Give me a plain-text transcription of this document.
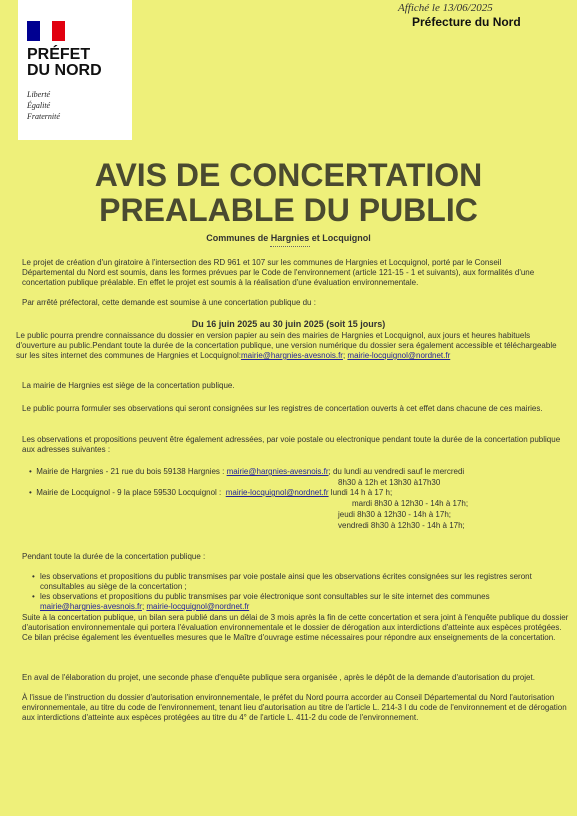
PRÉFET
DU NORD
Liberté
Égalité
Fraternité
Affiché le 13/06/2025
Préfecture du Nord
AVIS DE CONCERTATION
PREALABLE DU PUBLIC
Communes de Hargnies et Locquignol
Le projet de création d'un giratoire à l'intersection des RD 961 et 107 sur les communes de Hargnies et Locquignol, porté par le Conseil Départemental du Nord est soumis, dans les formes prévues par le Code de l'environnement (article 121-15 - 1 et suivants), aux formalités d'une concertation publique préalable. En effet le projet est soumis à la réalisation d'une évaluation environnementale.
Par arrêté préfectoral, cette demande est soumise à une concertation publique du :
Du 16 juin 2025 au 30 juin 2025 (soit 15 jours)
Le public pourra prendre connaissance du dossier en version papier au sein des mairies de Hargnies et Locquignol, aux jours et heures habituels d'ouverture au public.Pendant toute la durée de la concertation publique, une version numérique du dossier sera également accessible et téléchargeable sur les sites internet des communes de Hargnies et Locquignol:mairie@hargnies-avesnois.fr; mairie-locquignol@nordnet.fr
La mairie de Hargnies est siège de la concertation publique.
Le public pourra formuler ses observations qui seront consignées sur les registres de concertation ouverts à cet effet dans chacune de ces mairies.
Les observations et propositions peuvent être également adressées, par voie postale ou electronique pendant toute la durée de la concertation publique aux adresses suivantes :
•  Mairie de Hargnies - 21 rue du bois 59138 Hargnies : mairie@hargnies-avesnois.fr; du lundi au vendredi sauf le mercredi
8h30 à 12h et 13h30 à17h30
•  Mairie de Locquignol - 9 la place 59530 Locquignol : mairie-locquignol@nordnet.fr lundi 14 h à 17 h;
mardi 8h30 à 12h30 - 14h à 17h;
jeudi 8h30 à 12h30 - 14h à 17h;
vendredi 8h30 à 12h30 - 14h à 17h;
Pendant toute la durée de la concertation publique :
• les observations et propositions du public transmises par voie postale ainsi que les observations écrites consignées sur les registres seront consultables au siège de la concertation ;
• les observations et propositions du public transmises par voie électronique sont consultables sur le site internet des communes
mairie@hargnies-avesnois.fr; mairie-locquignol@nordnet.fr
Suite à la concertation publique, un bilan sera publié dans un délai de 3 mois après la fin de cette concertation et sera joint à l'enquête publique du dossier d'autorisation environnementale qui portera l'évaluation environnementale et le dossier de dérogation aux interdictions d'atteinte aux espèces protégées. Ce bilan précise également les éventuelles mesures que le Maître d'ouvrage estime nécessaires pour répondre aux enseignements de la concertation.
En aval de l'élaboration du projet, une seconde phase d'enquête publique sera organisée , après le dépôt de la demande d'autorisation du projet.
À l'issue de l'instruction du dossier d'autorisation environnementale, le préfet du Nord pourra accorder au Conseil Départemental du Nord l'autorisation environnementale, au titre du code de l'environnement, tenant lieu d'autorisation au titre de l'article L. 214-3 I du code de l'environnement et de dérogation aux interdictions d'atteinte aux espèces protégées au titre du 4° de l'article L. 411-2 du code de l'environnement.
